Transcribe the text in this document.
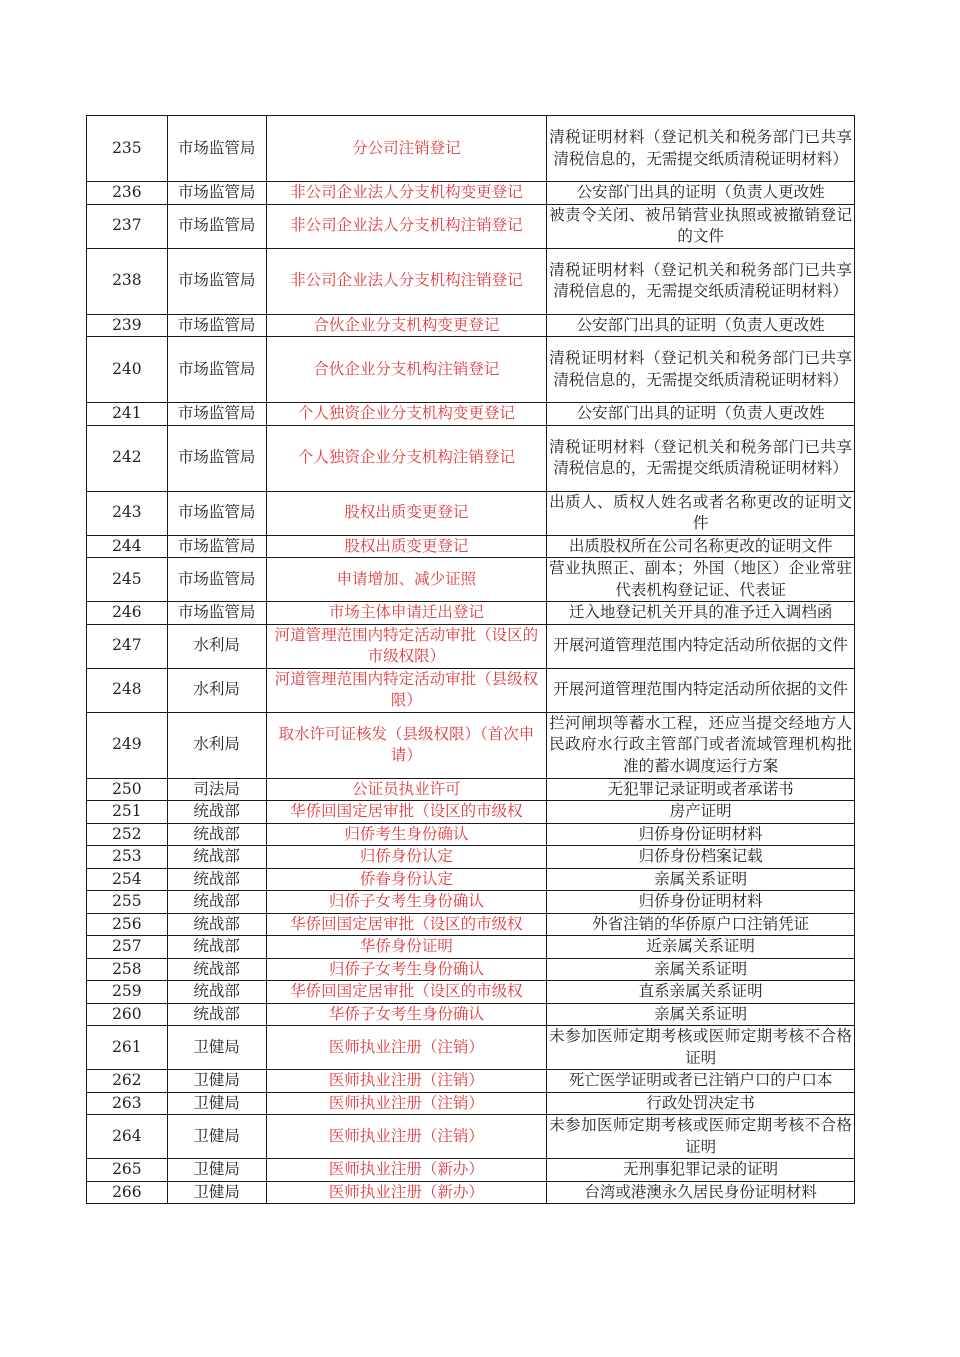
235	市场监管局	分公司注销登记	清税证明材料（登记机关和税务部门已共享清税信息的，无需提交纸质清税证明材料）
236	市场监管局	非公司企业法人分支机构变更登记	公安部门出具的证明（负责人更改姓
237	市场监管局	非公司企业法人分支机构注销登记	被责令关闭、被吊销营业执照或被撤销登记的文件
238	市场监管局	非公司企业法人分支机构注销登记	清税证明材料（登记机关和税务部门已共享清税信息的，无需提交纸质清税证明材料）
239	市场监管局	合伙企业分支机构变更登记	公安部门出具的证明（负责人更改姓
240	市场监管局	合伙企业分支机构注销登记	清税证明材料（登记机关和税务部门已共享清税信息的，无需提交纸质清税证明材料）
241	市场监管局	个人独资企业分支机构变更登记	公安部门出具的证明（负责人更改姓
242	市场监管局	个人独资企业分支机构注销登记	清税证明材料（登记机关和税务部门已共享清税信息的，无需提交纸质清税证明材料）
243	市场监管局	股权出质变更登记	出质人、质权人姓名或者名称更改的证明文件
244	市场监管局	股权出质变更登记	出质股权所在公司名称更改的证明文件
245	市场监管局	申请增加、减少证照	营业执照正、副本；外国（地区）企业常驻代表机构登记证、代表证
246	市场监管局	市场主体申请迁出登记	迁入地登记机关开具的准予迁入调档函
247	水利局	河道管理范围内特定活动审批（设区的市级权限）	开展河道管理范围内特定活动所依据的文件
248	水利局	河道管理范围内特定活动审批（县级权限）	开展河道管理范围内特定活动所依据的文件
249	水利局	取水许可证核发（县级权限）（首次申请）	拦河闸坝等蓄水工程，还应当提交经地方人民政府水行政主管部门或者流域管理机构批准的蓄水调度运行方案
250	司法局	公证员执业许可	无犯罪记录证明或者承诺书
251	统战部	华侨回国定居审批（设区的市级权	房产证明
252	统战部	归侨考生身份确认	归侨身份证明材料
253	统战部	归侨身份认定	归侨身份档案记载
254	统战部	侨眷身份认定	亲属关系证明
255	统战部	归侨子女考生身份确认	归侨身份证明材料
256	统战部	华侨回国定居审批（设区的市级权	外省注销的华侨原户口注销凭证
257	统战部	华侨身份证明	近亲属关系证明
258	统战部	归侨子女考生身份确认	亲属关系证明
259	统战部	华侨回国定居审批（设区的市级权	直系亲属关系证明
260	统战部	华侨子女考生身份确认	亲属关系证明
261	卫健局	医师执业注册（注销）	未参加医师定期考核或医师定期考核不合格证明
262	卫健局	医师执业注册（注销）	死亡医学证明或者已注销户口的户口本
263	卫健局	医师执业注册（注销）	行政处罚决定书
264	卫健局	医师执业注册（注销）	未参加医师定期考核或医师定期考核不合格证明
265	卫健局	医师执业注册（新办）	无刑事犯罪记录的证明
266	卫健局	医师执业注册（新办）	台湾或港澳永久居民身份证明材料
